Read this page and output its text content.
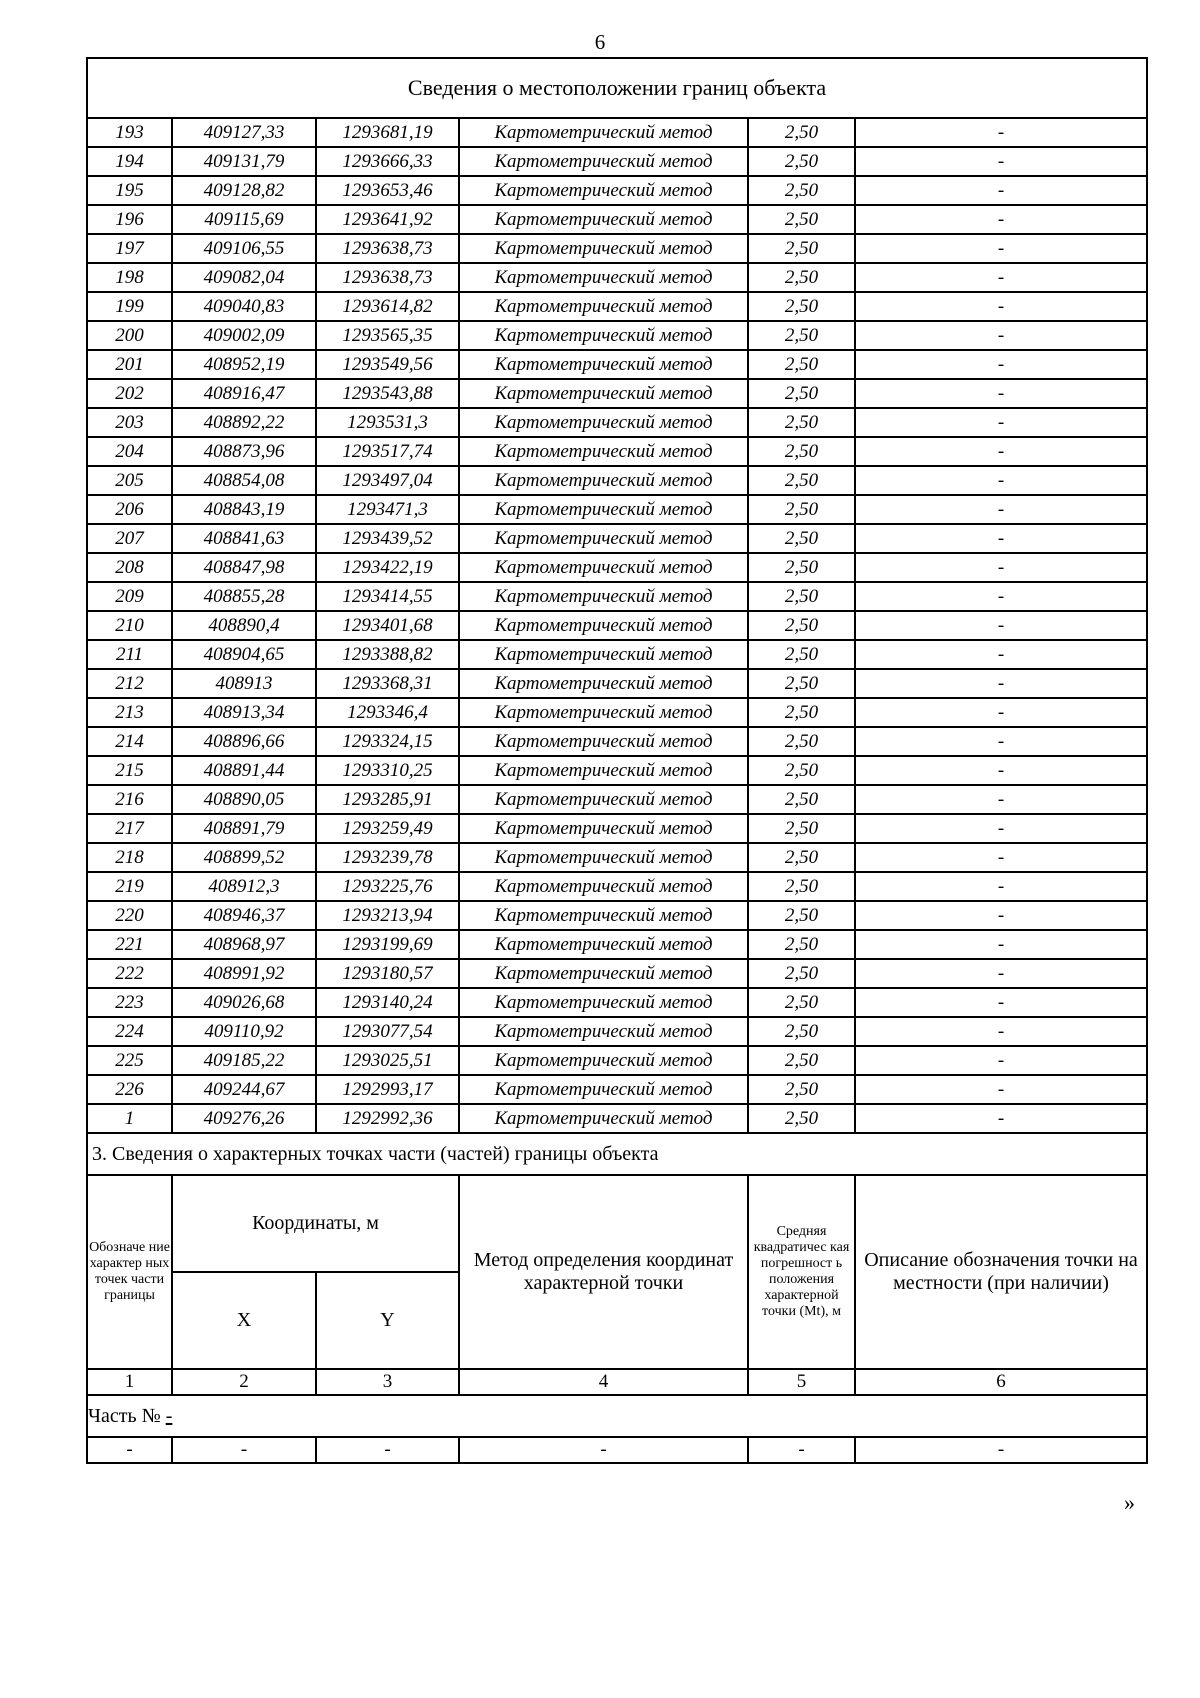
6
Сведения о местоположении границ объекта					
193	409127,33	1293681,19	Картометрический метод	2,50	-
194	409131,79	1293666,33	Картометрический метод	2,50	-
195	409128,82	1293653,46	Картометрический метод	2,50	-
196	409115,69	1293641,92	Картометрический метод	2,50	-
197	409106,55	1293638,73	Картометрический метод	2,50	-
198	409082,04	1293638,73	Картометрический метод	2,50	-
199	409040,83	1293614,82	Картометрический метод	2,50	-
200	409002,09	1293565,35	Картометрический метод	2,50	-
201	408952,19	1293549,56	Картометрический метод	2,50	-
202	408916,47	1293543,88	Картометрический метод	2,50	-
203	408892,22	1293531,3	Картометрический метод	2,50	-
204	408873,96	1293517,74	Картометрический метод	2,50	-
205	408854,08	1293497,04	Картометрический метод	2,50	-
206	408843,19	1293471,3	Картометрический метод	2,50	-
207	408841,63	1293439,52	Картометрический метод	2,50	-
208	408847,98	1293422,19	Картометрический метод	2,50	-
209	408855,28	1293414,55	Картометрический метод	2,50	-
210	408890,4	1293401,68	Картометрический метод	2,50	-
211	408904,65	1293388,82	Картометрический метод	2,50	-
212	408913	1293368,31	Картометрический метод	2,50	-
213	408913,34	1293346,4	Картометрический метод	2,50	-
214	408896,66	1293324,15	Картометрический метод	2,50	-
215	408891,44	1293310,25	Картометрический метод	2,50	-
216	408890,05	1293285,91	Картометрический метод	2,50	-
217	408891,79	1293259,49	Картометрический метод	2,50	-
218	408899,52	1293239,78	Картометрический метод	2,50	-
219	408912,3	1293225,76	Картометрический метод	2,50	-
220	408946,37	1293213,94	Картометрический метод	2,50	-
221	408968,97	1293199,69	Картометрический метод	2,50	-
222	408991,92	1293180,57	Картометрический метод	2,50	-
223	409026,68	1293140,24	Картометрический метод	2,50	-
224	409110,92	1293077,54	Картометрический метод	2,50	-
225	409185,22	1293025,51	Картометрический метод	2,50	-
226	409244,67	1292993,17	Картометрический метод	2,50	-
1	409276,26	1292992,36	Картометрический метод	2,50	-
3. Сведения о характерных точках части (частей) границы объекта					
Обозначе ние характер ных точек части границы	Координаты, м		Метод определения координат характерной точки	Средняя квадратичес кая погрешност ь положения характерной точки (Mt), м	Описание обозначения точки на местности (при наличии)
	X	Y			
1	2	3	4	5	6
Часть № -					
-	-	-	-	-	-
»
